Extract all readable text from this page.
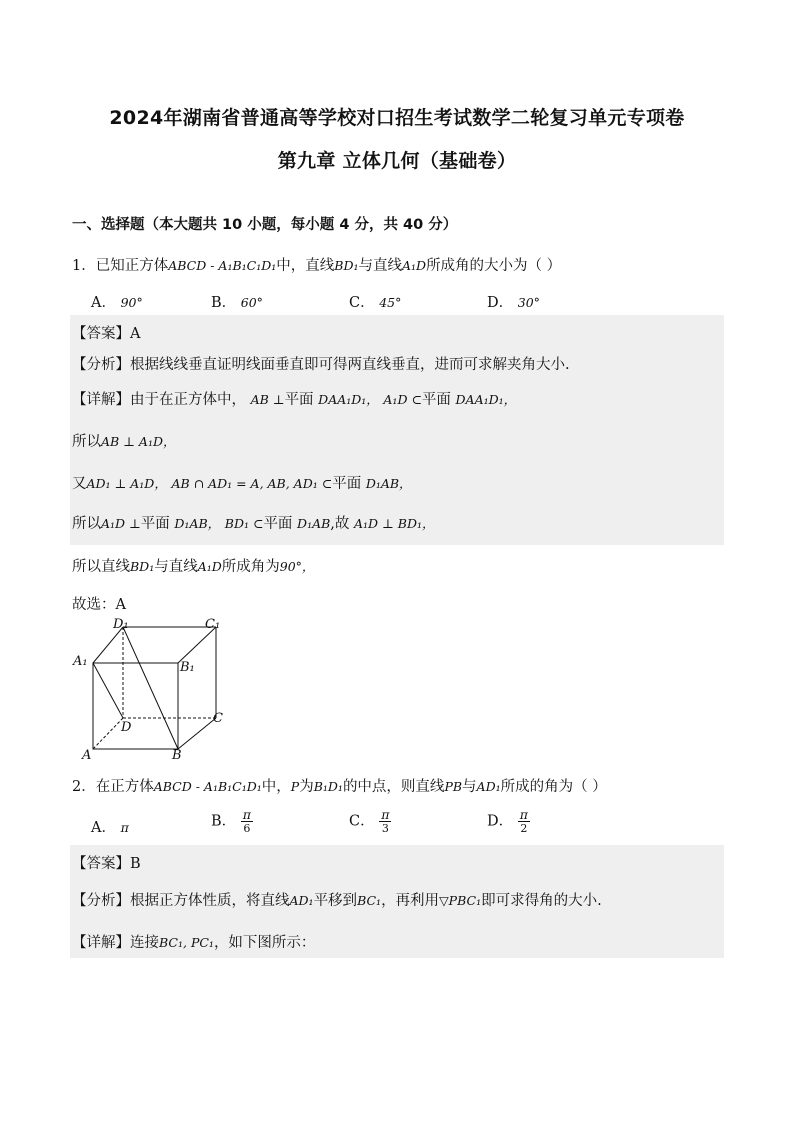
2024年湖南省普通高等学校对口招生考试数学二轮复习单元专项卷
第九章 立体几何（基础卷）
一、选择题（本大题共 10 小题，每小题 4 分，共 40 分）
1．已知正方体ABCD - A₁B₁C₁D₁中，直线BD₁与直线A₁D所成角的大小为（ ）
A． 90°	B． 60°	C． 45°	D． 30°
【答案】A
【分析】根据线线垂直证明线面垂直即可得两直线垂直，进而可求解夹角大小.
【详解】由于在正方体中， AB ⊥平面 DAA₁D₁， A₁D ⊂平面 DAA₁D₁，
所以AB ⊥ A₁D，
又AD₁ ⊥ A₁D， AB ∩ AD₁ = A, AB, AD₁ ⊂平面 D₁AB，
所以A₁D ⊥平面 D₁AB， BD₁ ⊂平面 D₁AB,故 A₁D ⊥ BD₁，
所以直线BD₁与直线A₁D所成角为90°，
故选：A
D₁	C₁
A₁	B₁
D
C
A	B
2．在正方体ABCD - A₁B₁C₁D₁中，P为B₁D₁的中点，则直线PB与AD₁所成的角为（ ）
A． π	B． $\frac{\pi}{6}$	C． $\frac{\pi}{3}$	D． $\frac{\pi}{2}$
【答案】B
【分析】根据正方体性质，将直线AD₁平移到BC₁，再利用▽PBC₁即可求得角的大小.
【详解】连接BC₁, PC₁，如下图所示：
